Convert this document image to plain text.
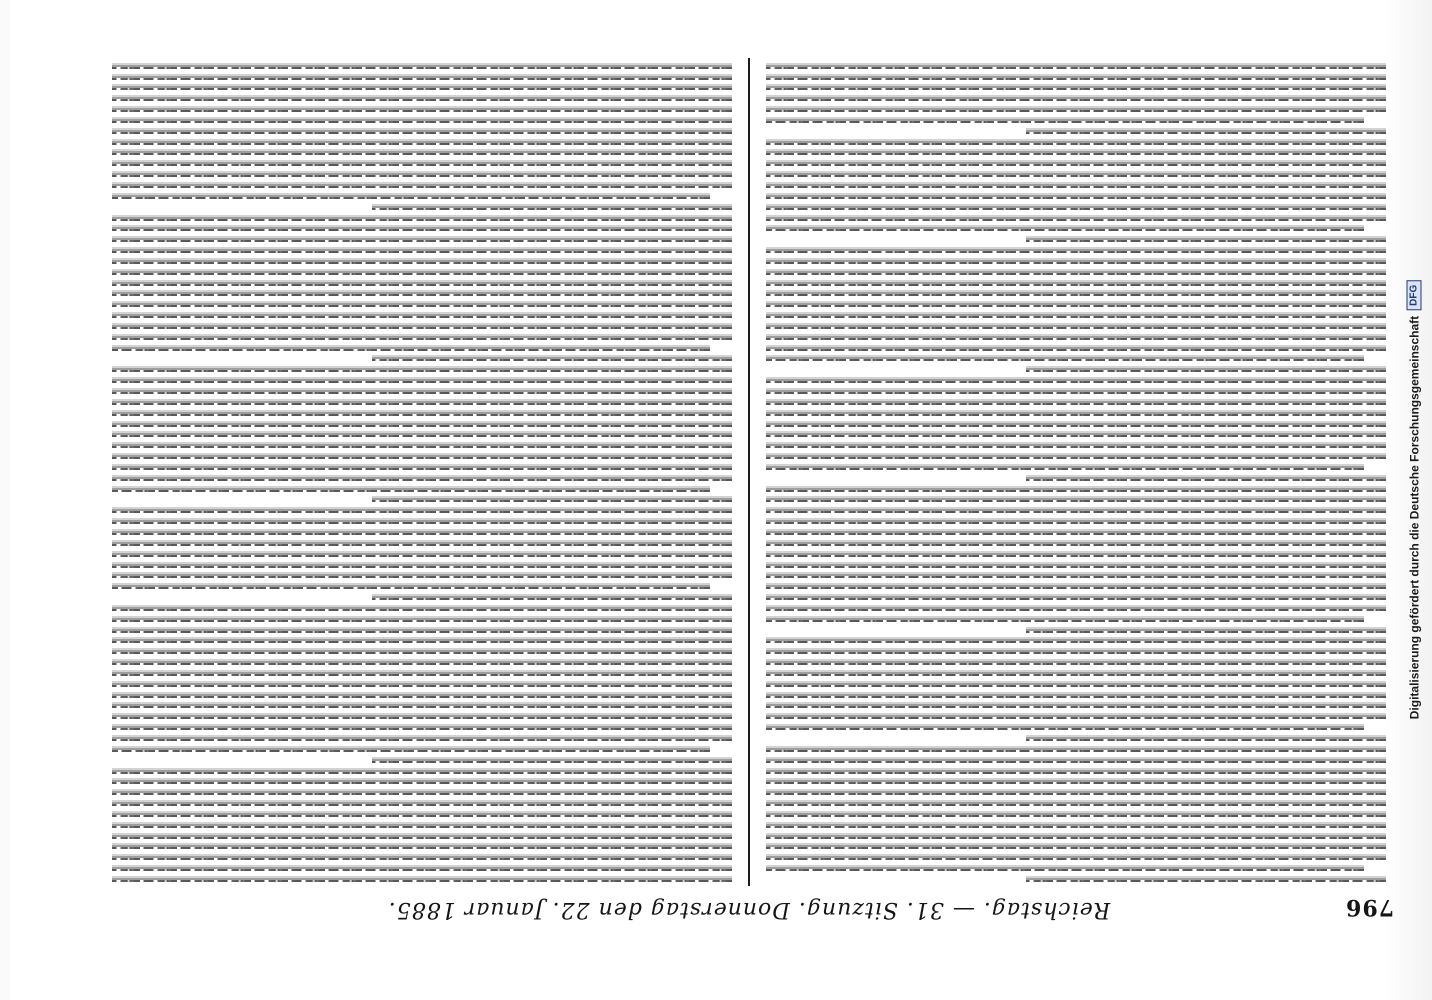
796
Reichstag. — 31. Sitzung. Donnerstag den 22. Januar 1885.
Digitalisierung gefördert durch die Deutsche Forschungsgemeinschaft
DFG
